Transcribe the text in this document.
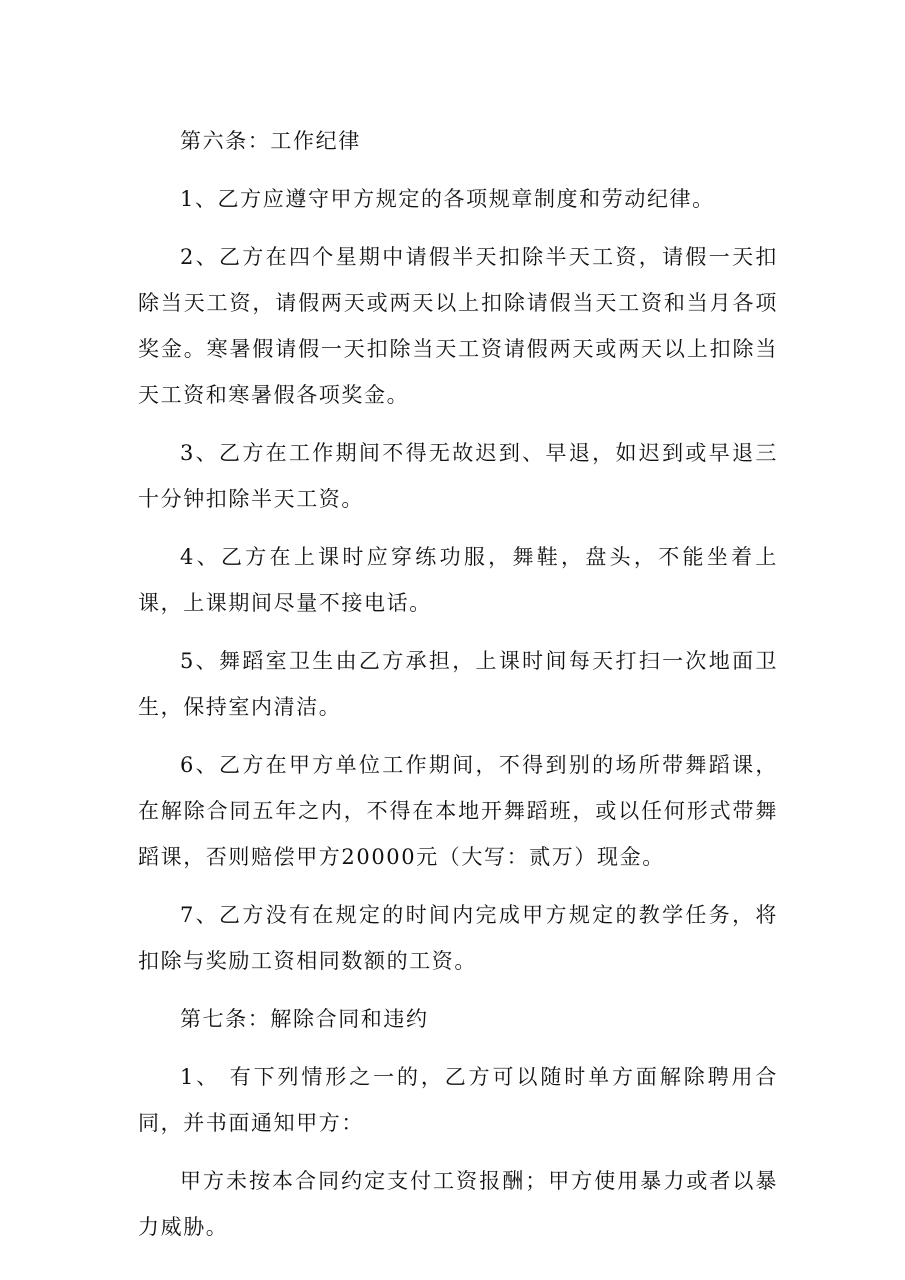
第六条：工作纪律

1、乙方应遵守甲方规定的各项规章制度和劳动纪律。

2、乙方在四个星期中请假半天扣除半天工资，请假一天扣除当天工资，请假两天或两天以上扣除请假当天工资和当月各项奖金。寒暑假请假一天扣除当天工资请假两天或两天以上扣除当天工资和寒暑假各项奖金。

3、乙方在工作期间不得无故迟到、早退，如迟到或早退三十分钟扣除半天工资。

4、乙方在上课时应穿练功服，舞鞋，盘头，不能坐着上课，上课期间尽量不接电话。

5、舞蹈室卫生由乙方承担，上课时间每天打扫一次地面卫生，保持室内清洁。

6、乙方在甲方单位工作期间，不得到别的场所带舞蹈课，在解除合同五年之内，不得在本地开舞蹈班，或以任何形式带舞蹈课，否则赔偿甲方20000元（大写：贰万）现金。

7、乙方没有在规定的时间内完成甲方规定的教学任务，将扣除与奖励工资相同数额的工资。

第七条：解除合同和违约

1、 有下列情形之一的，乙方可以随时单方面解除聘用合同，并书面通知甲方：

甲方未按本合同约定支付工资报酬；甲方使用暴力或者以暴力威胁。
